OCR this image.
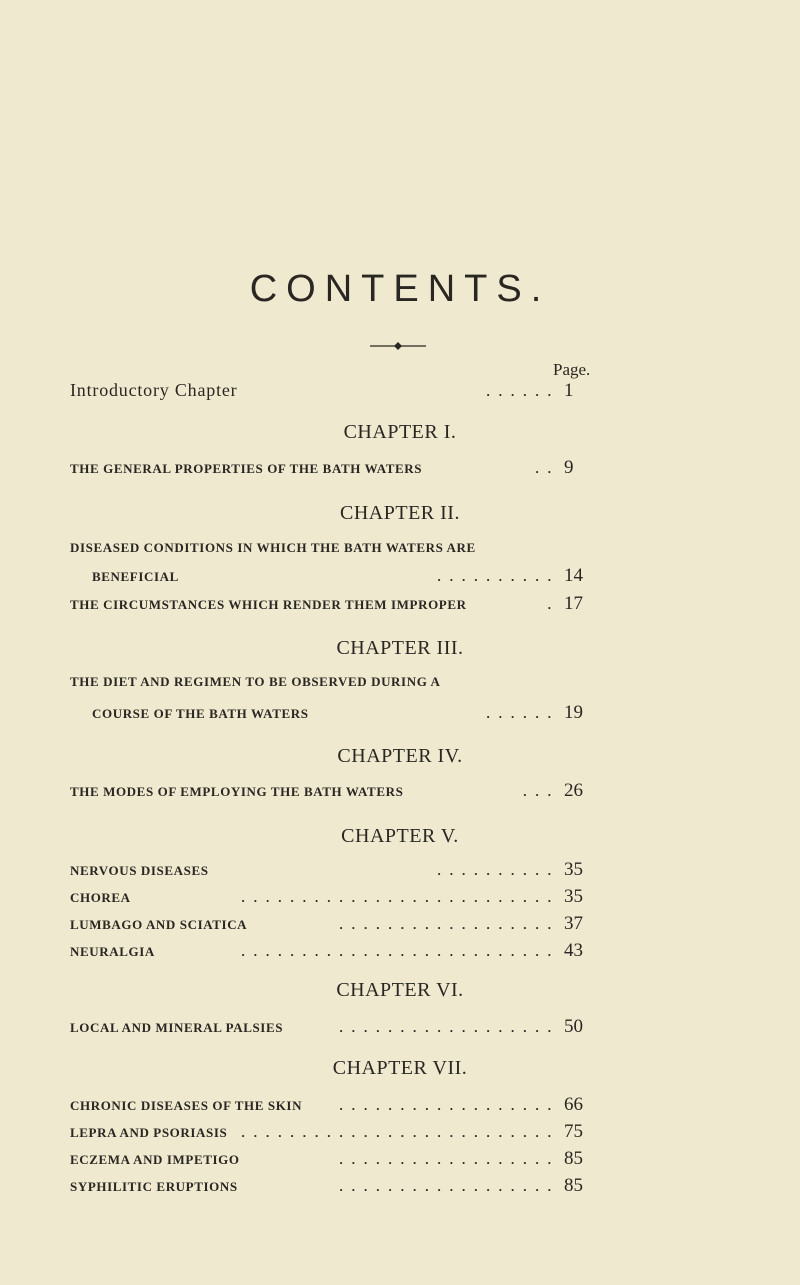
CONTENTS.
Page.
Introductory Chapter	...... 1
CHAPTER I.
THE GENERAL PROPERTIES OF THE BATH WATERS	.. 9
CHAPTER II.
DISEASED CONDITIONS IN WHICH THE BATH WATERS ARE
BENEFICIAL	.......... 14
THE CIRCUMSTANCES WHICH RENDER THEM IMPROPER	. 17
CHAPTER III.
THE DIET AND REGIMEN TO BE OBSERVED DURING A
COURSE OF THE BATH WATERS	...... 19
CHAPTER IV.
THE MODES OF EMPLOYING THE BATH WATERS	... 26
CHAPTER V.
NERVOUS DISEASES	.......... 35
CHOREA	.......................... 35
LUMBAGO AND SCIATICA	.................. 37
NEURALGIA	.......................... 43
CHAPTER VI.
LOCAL AND MINERAL PALSIES	.................. 50
CHAPTER VII.
CHRONIC DISEASES OF THE SKIN	.................. 66
LEPRA AND PSORIASIS	.......................... 75
ECZEMA AND IMPETIGO	.................. 85
SYPHILITIC ERUPTIONS	.................. 85
